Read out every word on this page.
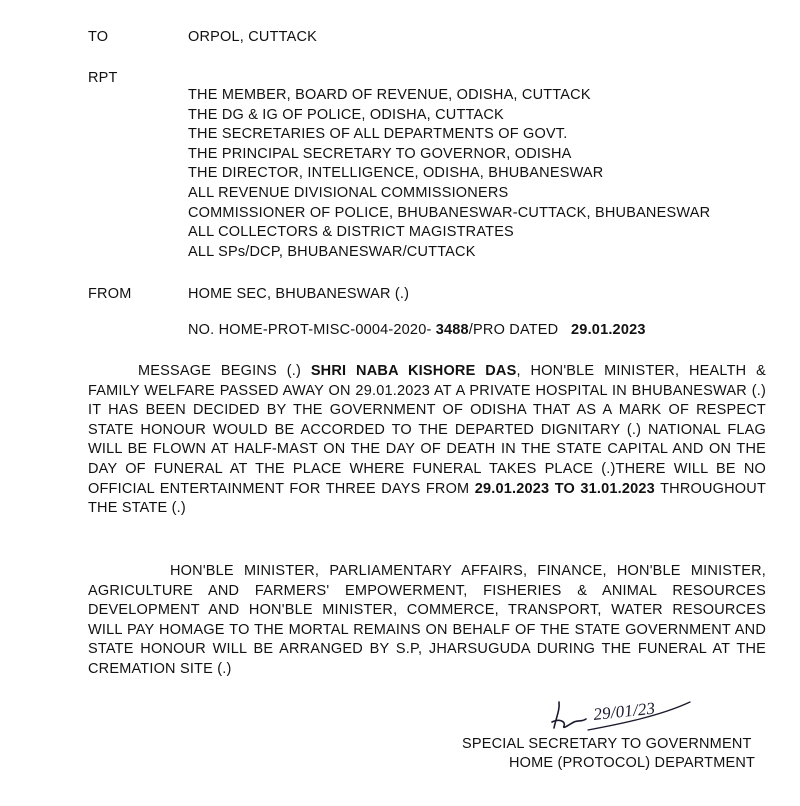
TO	ORPOL, CUTTACK
RPT
THE MEMBER, BOARD OF REVENUE, ODISHA, CUTTACK
THE DG & IG OF POLICE, ODISHA, CUTTACK
THE SECRETARIES OF ALL DEPARTMENTS OF GOVT.
THE PRINCIPAL SECRETARY TO GOVERNOR, ODISHA
THE DIRECTOR, INTELLIGENCE, ODISHA, BHUBANESWAR
ALL REVENUE DIVISIONAL COMMISSIONERS
COMMISSIONER OF POLICE, BHUBANESWAR-CUTTACK, BHUBANESWAR
ALL COLLECTORS & DISTRICT MAGISTRATES
ALL SPs/DCP, BHUBANESWAR/CUTTACK
FROM	HOME SEC, BHUBANESWAR (.)
NO. HOME-PROT-MISC-0004-2020- 3488/PRO DATED 29.01.2023
MESSAGE BEGINS (.) SHRI NABA KISHORE DAS, HON'BLE MINISTER, HEALTH & FAMILY WELFARE PASSED AWAY ON 29.01.2023 AT A PRIVATE HOSPITAL IN BHUBANESWAR (.) IT HAS BEEN DECIDED BY THE GOVERNMENT OF ODISHA THAT AS A MARK OF RESPECT STATE HONOUR WOULD BE ACCORDED TO THE DEPARTED DIGNITARY (.) NATIONAL FLAG WILL BE FLOWN AT HALF-MAST ON THE DAY OF DEATH IN THE STATE CAPITAL AND ON THE DAY OF FUNERAL AT THE PLACE WHERE FUNERAL TAKES PLACE (.)THERE WILL BE NO OFFICIAL ENTERTAINMENT FOR THREE DAYS FROM 29.01.2023 TO 31.01.2023 THROUGHOUT THE STATE (.)
HON'BLE MINISTER, PARLIAMENTARY AFFAIRS, FINANCE, HON'BLE MINISTER, AGRICULTURE AND FARMERS' EMPOWERMENT, FISHERIES & ANIMAL RESOURCES DEVELOPMENT AND HON'BLE MINISTER, COMMERCE, TRANSPORT, WATER RESOURCES WILL PAY HOMAGE TO THE MORTAL REMAINS ON BEHALF OF THE STATE GOVERNMENT AND STATE HONOUR WILL BE ARRANGED BY S.P, JHARSUGUDA DURING THE FUNERAL AT THE CREMATION SITE (.)
29/01/23
SPECIAL SECRETARY TO GOVERNMENT
HOME (PROTOCOL) DEPARTMENT
